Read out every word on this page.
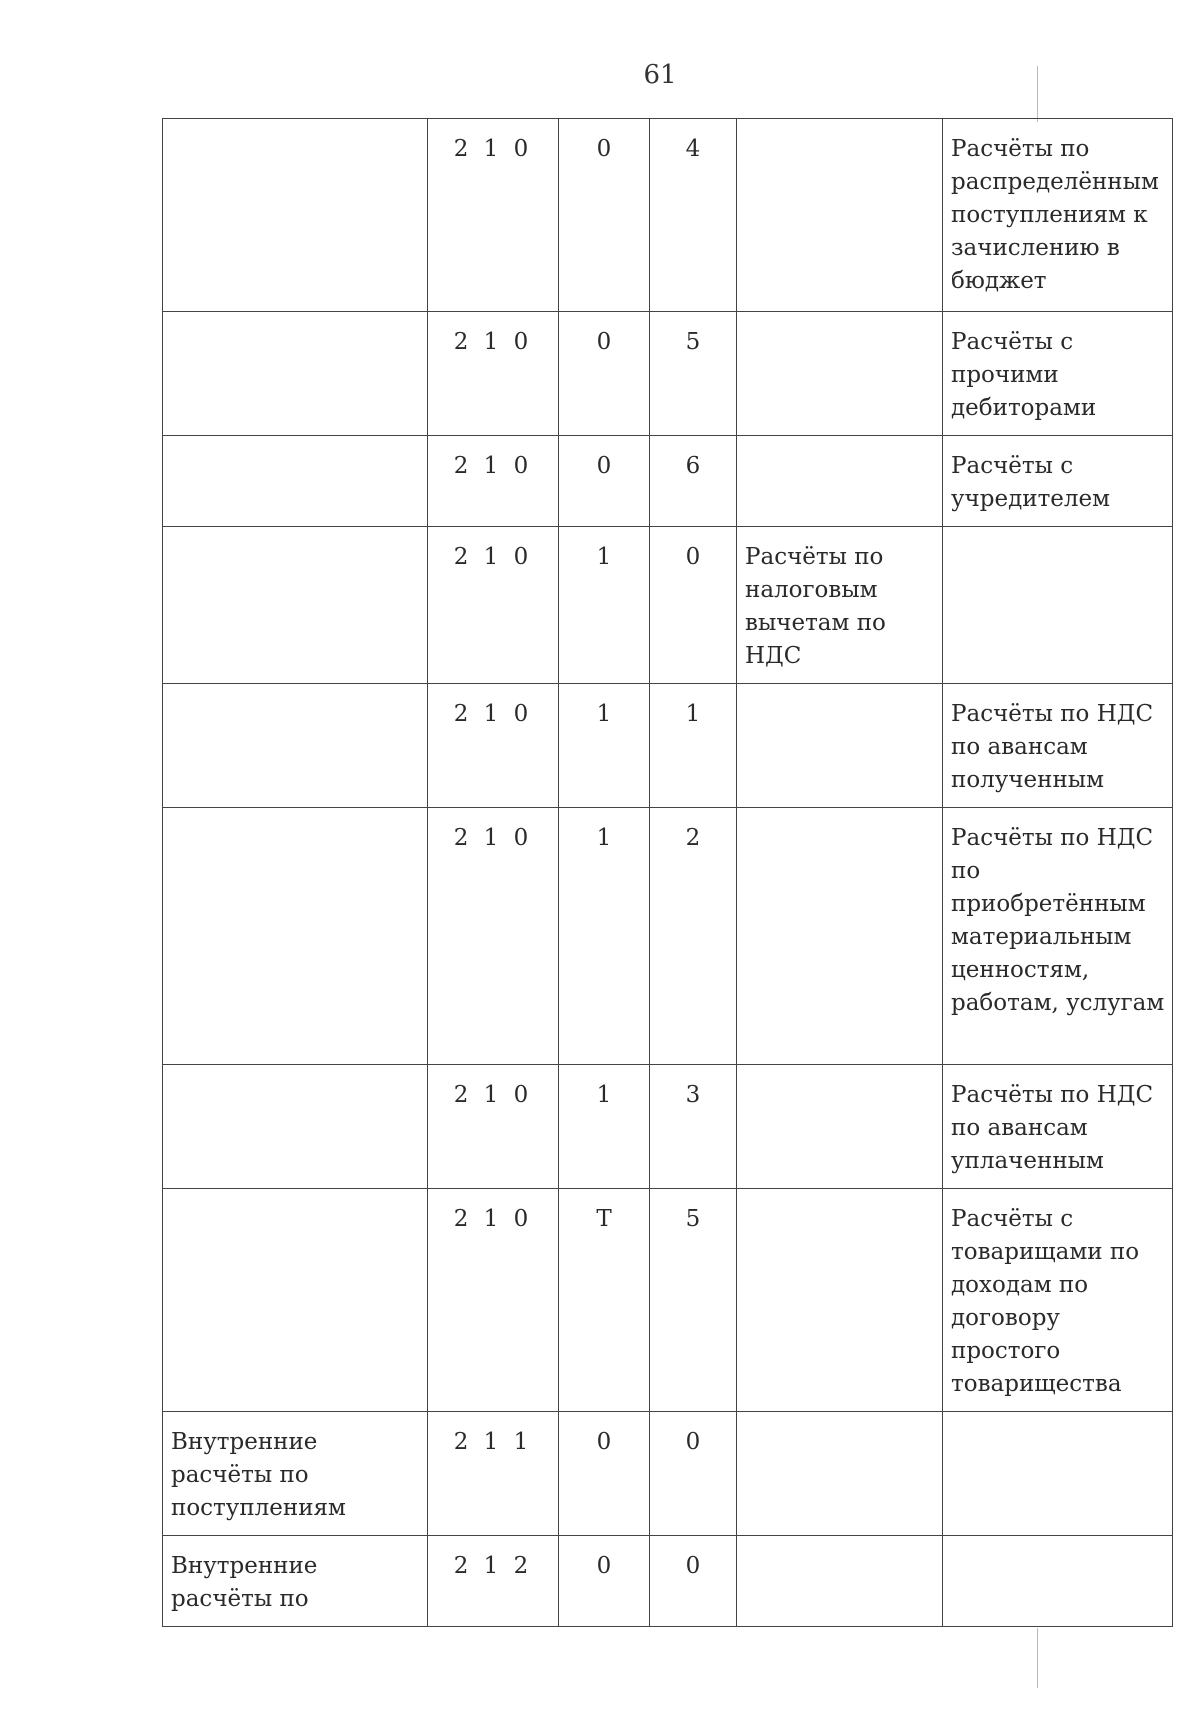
61
	2 1 0	0	4		Расчёты по распределённым поступлениям к зачислению в бюджет
	2 1 0	0	5		Расчёты с прочими дебиторами
	2 1 0	0	6		Расчёты с учредителем
	2 1 0	1	0	Расчёты по налоговым вычетам по НДС	
	2 1 0	1	1		Расчёты по НДС по авансам полученным
	2 1 0	1	2		Расчёты по НДС по приобретённым материальным ценностям, работам, услугам
	2 1 0	1	3		Расчёты по НДС по авансам уплаченным
	2 1 0	Т	5		Расчёты с товарищами по доходам по договору простого товарищества
Внутренние расчёты по поступлениям	2 1 1	0	0		
Внутренние расчёты по	2 1 2	0	0		
